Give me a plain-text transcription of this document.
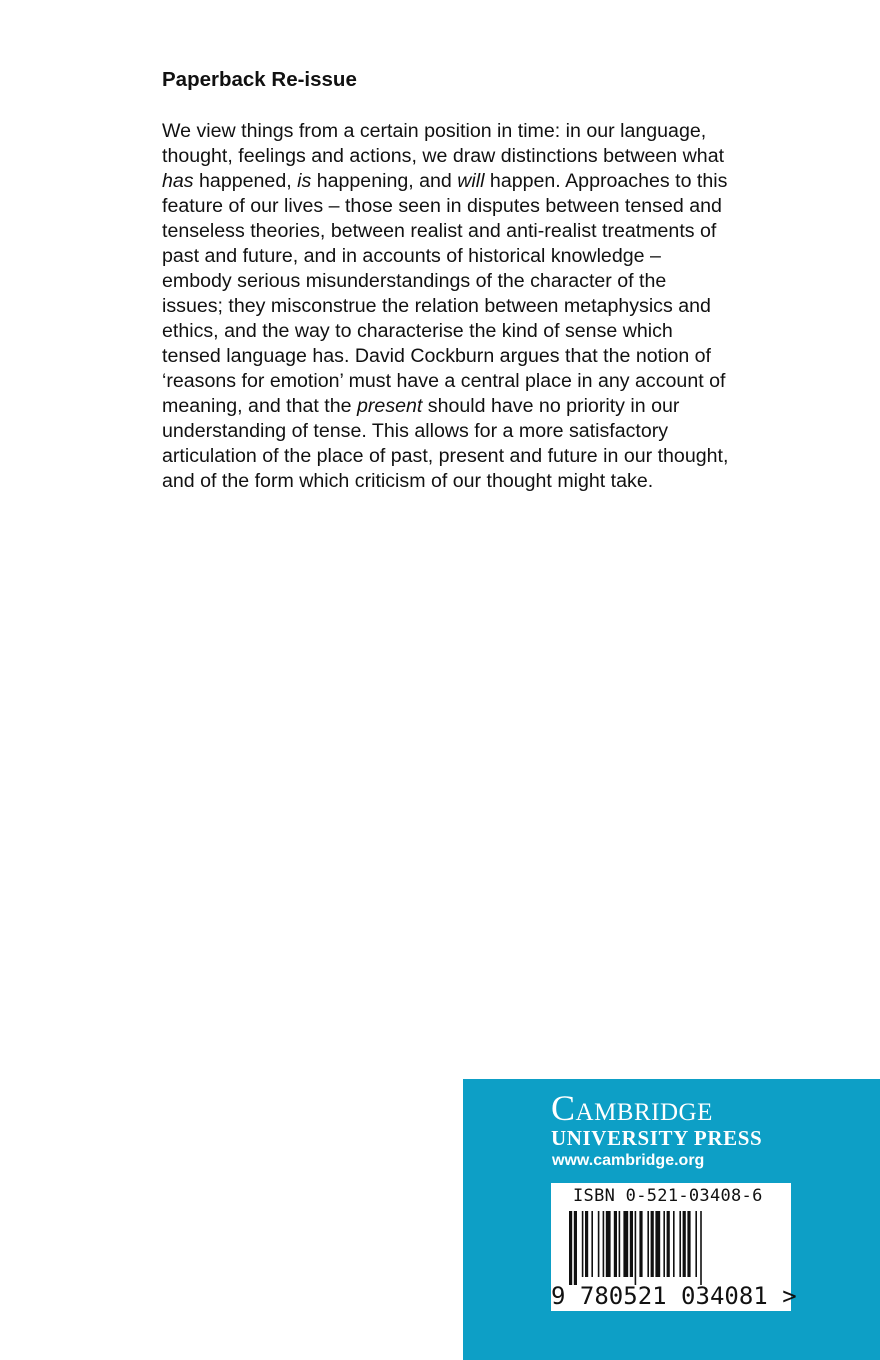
Paperback Re-issue

We view things from a certain position in time: in our language, thought, feelings and actions, we draw distinctions between what has happened, is happening, and will happen. Approaches to this feature of our lives – those seen in disputes between tensed and tenseless theories, between realist and anti-realist treatments of past and future, and in accounts of historical knowledge – embody serious misunderstandings of the character of the issues; they misconstrue the relation between metaphysics and ethics, and the way to characterise the kind of sense which tensed language has. David Cockburn argues that the notion of ‘reasons for emotion’ must have a central place in any account of meaning, and that the present should have no priority in our understanding of tense. This allows for a more satisfactory articulation of the place of past, present and future in our thought, and of the form which criticism of our thought might take.

Cambridge
UNIVERSITY PRESS
www.cambridge.org
ISBN 0-521-03408-6
9 780521 034081 >
